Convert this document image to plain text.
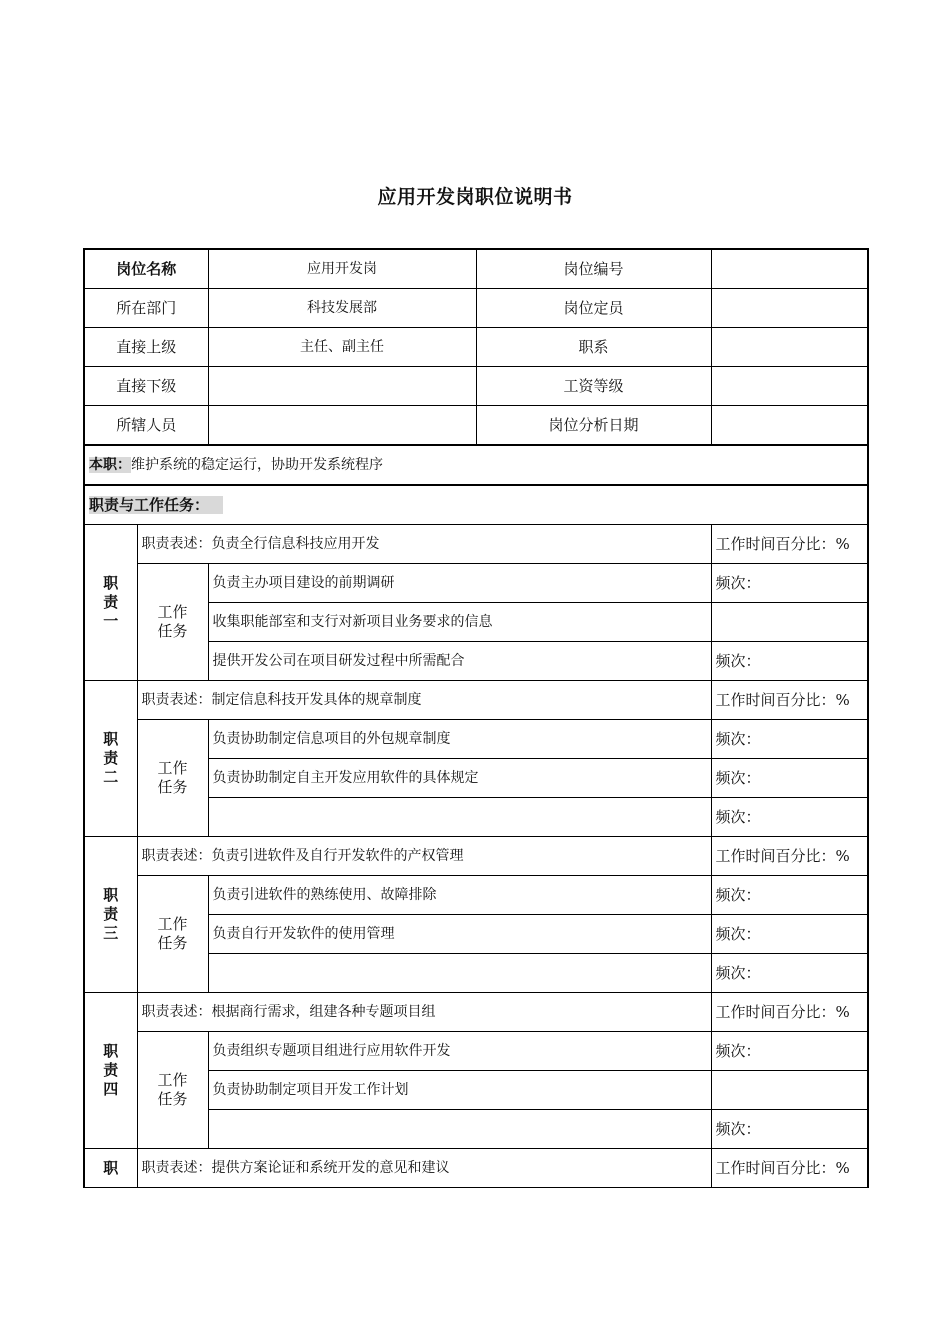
应用开发岗职位说明书
岗位名称		应用开发岗	岗位编号	
所在部门		科技发展部	岗位定员	
直接上级		主任、副主任	职系	
直接下级			工资等级	
所辖人员			岗位分析日期	
本职：维护系统的稳定运行，协助开发系统程序				
职责与工作任务：				
职责一	职责表述：负责全行信息科技应用开发			工作时间百分比：%
	工作任务	负责主办项目建设的前期调研		频次：
		收集职能部室和支行对新项目业务要求的信息		
		提供开发公司在项目研发过程中所需配合		频次：
职责二	职责表述：制定信息科技开发具体的规章制度			工作时间百分比：%
	工作任务	负责协助制定信息项目的外包规章制度		频次：
		负责协助制定自主开发应用软件的具体规定		频次：
				频次：
职责三	职责表述：负责引进软件及自行开发软件的产权管理			工作时间百分比：%
	工作任务	负责引进软件的熟练使用、故障排除		频次：
		负责自行开发软件的使用管理		频次：
				频次：
职责四	职责表述：根据商行需求，组建各种专题项目组			工作时间百分比：%
	工作任务	负责组织专题项目组进行应用软件开发		频次：
		负责协助制定项目开发工作计划		
				频次：
职	职责表述：提供方案论证和系统开发的意见和建议			工作时间百分比：%
